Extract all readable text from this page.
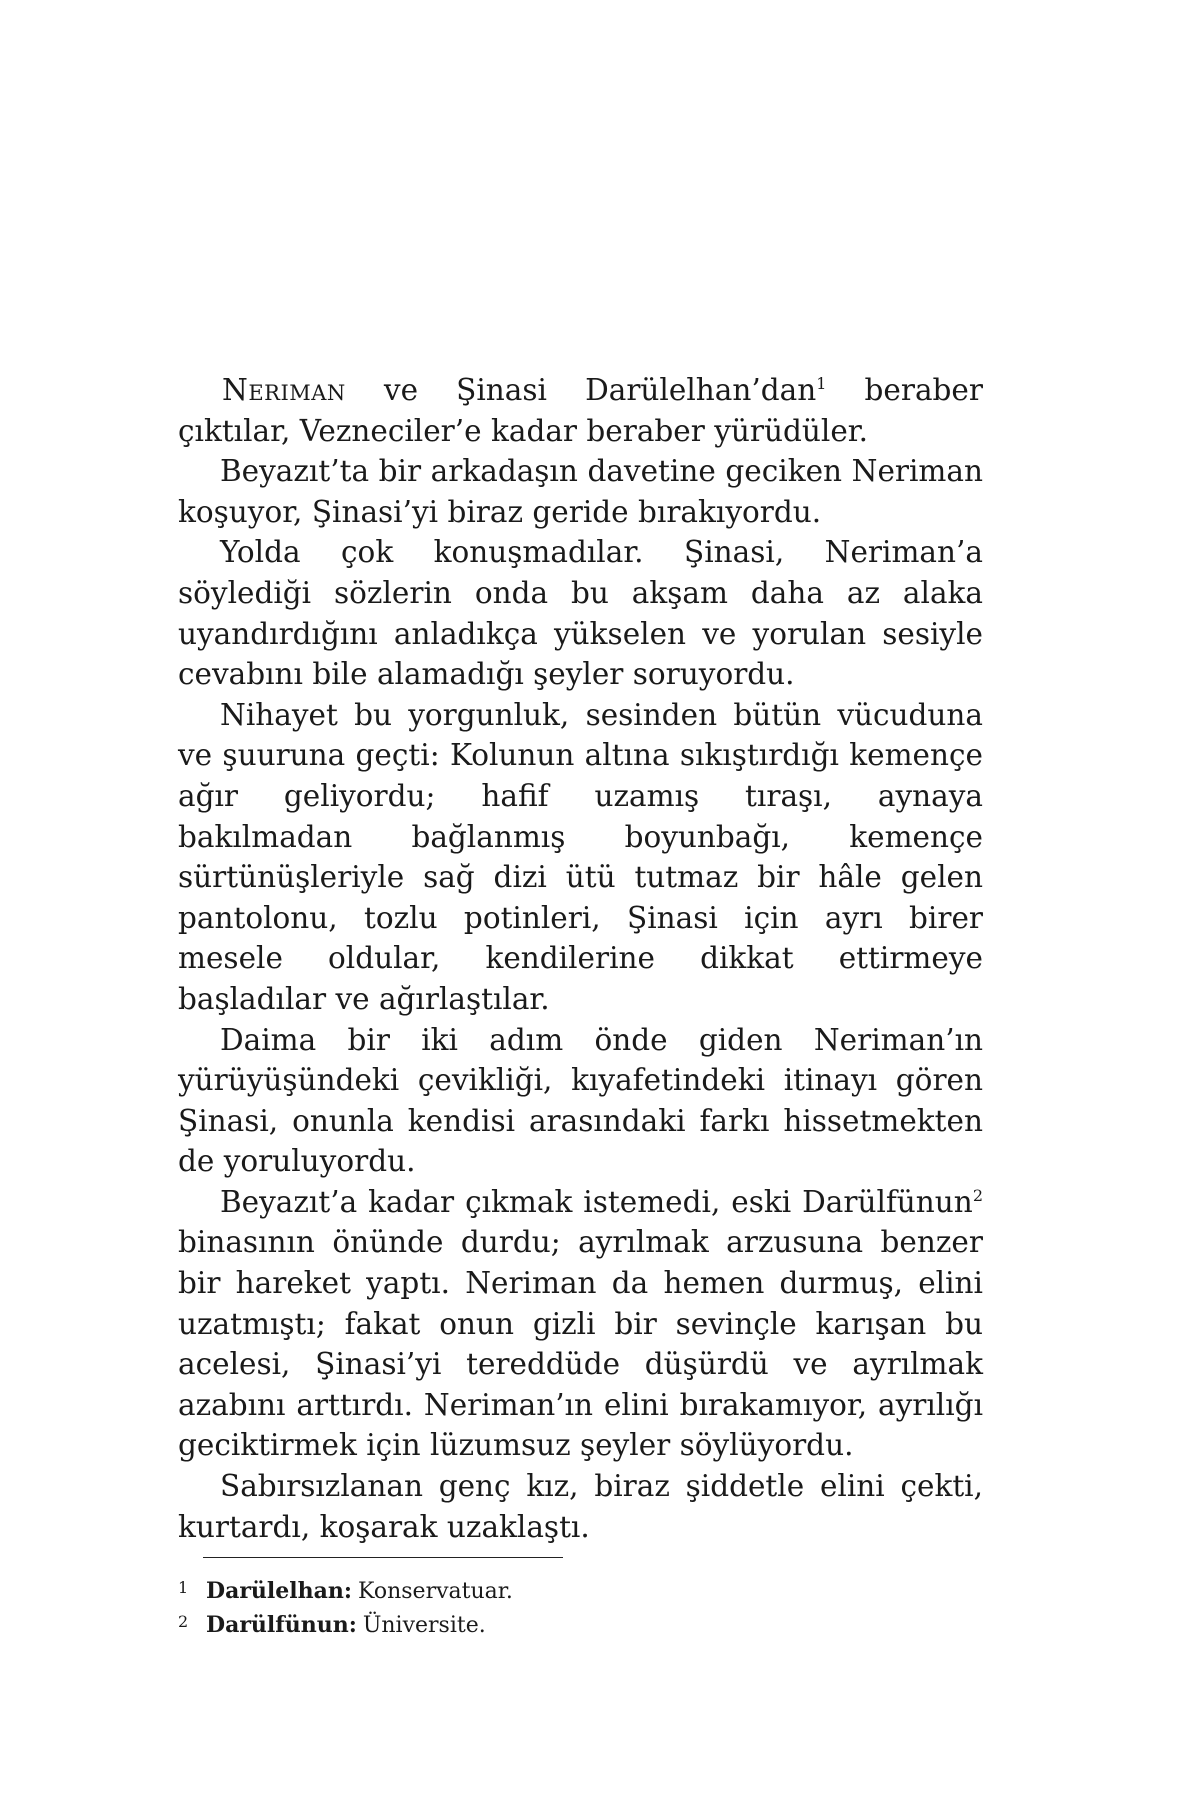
Neriman ve Şinasi Darülelhan’dan$^1$ beraber çıktılar, Vezneciler’e kadar beraber yürüdüler.

Beyazıt’ta bir arkadaşın davetine geciken Neriman koşuyor, Şinasi’yi biraz geride bırakıyordu.

Yolda çok konuşmadılar. Şinasi, Neriman’a söylediği sözlerin onda bu akşam daha az alaka uyandırdığını anladıkça yükselen ve yorulan sesiyle cevabını bile alamadığı şeyler soruyordu.

Nihayet bu yorgunluk, sesinden bütün vücuduna ve şuuruna geçti: Kolunun altına sıkıştırdığı kemençe ağır geliyordu; hafif uzamış tıraşı, aynaya bakılmadan bağlanmış boyunbağı, kemençe sürtünüşleriyle sağ dizi ütü tutmaz bir hâle gelen pantolonu, tozlu potinleri, Şinasi için ayrı birer mesele oldular, kendilerine dikkat ettirmeye başladılar ve ağırlaştılar.

Daima bir iki adım önde giden Neriman’ın yürüyüşündeki çevikliği, kıyafetindeki itinayı gören Şinasi, onunla kendisi arasındaki farkı hissetmekten de yoruluyordu.

Beyazıt’a kadar çıkmak istemedi, eski Darülfünun$^2$ binasının önünde durdu; ayrılmak arzusuna benzer bir hareket yaptı. Neriman da hemen durmuş, elini uzatmıştı; fakat onun gizli bir sevinçle karışan bu acelesi, Şinasi’yi tereddüde düşürdü ve ayrılmak azabını arttırdı. Neriman’ın elini bırakamıyor, ayrılığı geciktirmek için lüzumsuz şeyler söylüyordu.

Sabırsızlanan genç kız, biraz şiddetle elini çekti, kurtardı, koşarak uzaklaştı.

1 Darülelhan: Konservatuar.
2 Darülfünun: Üniversite.
